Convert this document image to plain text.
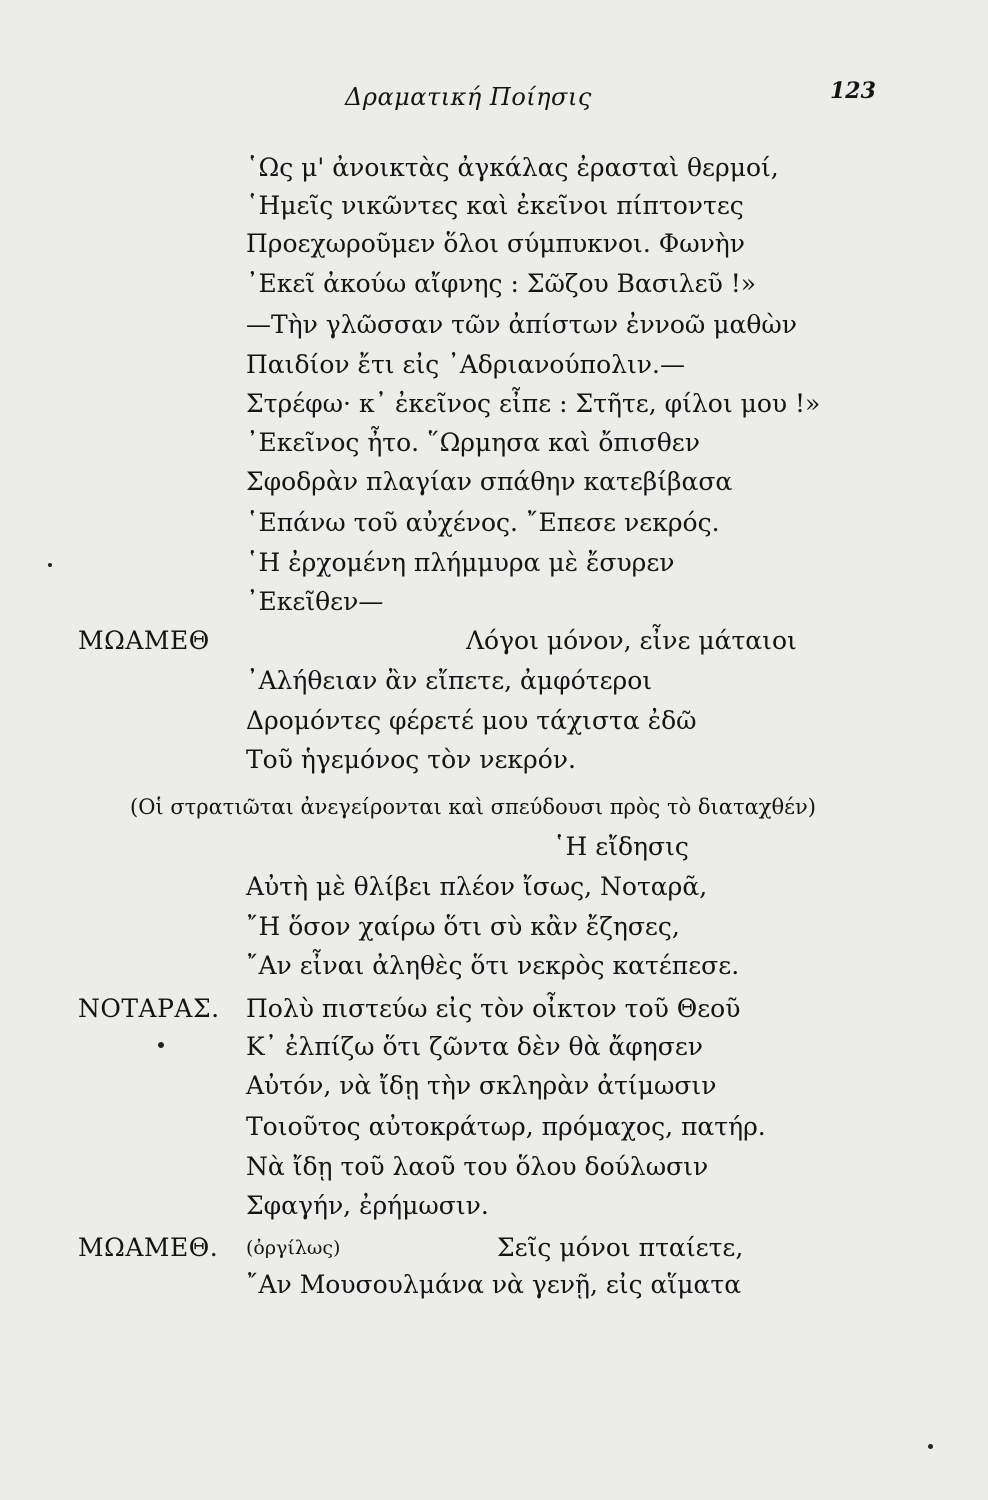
Δραματική Ποίησις	123
῾Ως μ' ἀνοικτὰς ἀγκάλας ἐρασταὶ θερμοί,
῾Ημεῖς νικῶντες καὶ ἐκεῖνοι πίπτοντες
Προεχωροῦμεν ὅλοι σύμπυκνοι. Φωνὴν
᾿Εκεῖ ἀκούω αἴφνης : Σῶζου Βασιλεῦ !»
—Τὴν γλῶσσαν τῶν ἀπίστων ἐννοῶ μαθὼν
Παιδίον ἔτι εἰς ᾿Αδριανούπολιν.—
Στρέφω· κ᾿ ἐκεῖνος εἶπε : Στῆτε, φίλοι μου !»
᾿Εκεῖνος ἦτο. ῞Ωρμησα καὶ ὄπισθεν
Σφοδρὰν πλαγίαν σπάθην κατεβίβασα
῾Επάνω τοῦ αὐχένος. ῎Επεσε νεκρός.
῾Η ἐρχομένη πλήμμυρα μὲ ἔσυρεν
᾿Εκεῖθεν—
ΜΩΑΜΕΘ	Λόγοι μόνον, εἶνε μάταιοι
᾿Αλήθειαν ἂν εἴπετε, ἀμφότεροι
Δρομόντες φέρετέ μου τάχιστα ἐδῶ
Τοῦ ἡγεμόνος τὸν νεκρόν.
(Οἱ στρατιῶται ἀνεγείρονται καὶ σπεύδουσι πρὸς τὸ διαταχθέν)
῾Η εἴδησις
Αὐτὴ μὲ θλίβει πλέον ἴσως, Νοταρᾶ,
῎Η ὅσον χαίρω ὅτι σὺ κἂν ἔζησες,
῎Αν εἶναι ἀληθὲς ὅτι νεκρὸς κατέπεσε.
ΝΟΤΑΡΑΣ. Πολὺ πιστεύω εἰς τὸν οἶκτον τοῦ Θεοῦ
Κ᾿ ἐλπίζω ὅτι ζῶντα δὲν θὰ ἄφησεν
Αὐτόν, νὰ ἴδῃ τὴν σκληρὰν ἀτίμωσιν
Τοιοῦτος αὐτοκράτωρ, πρόμαχος, πατήρ.
Νὰ ἴδῃ τοῦ λαοῦ του ὅλου δούλωσιν
Σφαγήν, ἐρήμωσιν.
ΜΩΑΜΕΘ. (ὀργίλως)	Σεῖς μόνοι πταίετε,
῎Αν Μουσουλμάνα νὰ γενῇ, εἰς αἵματα
